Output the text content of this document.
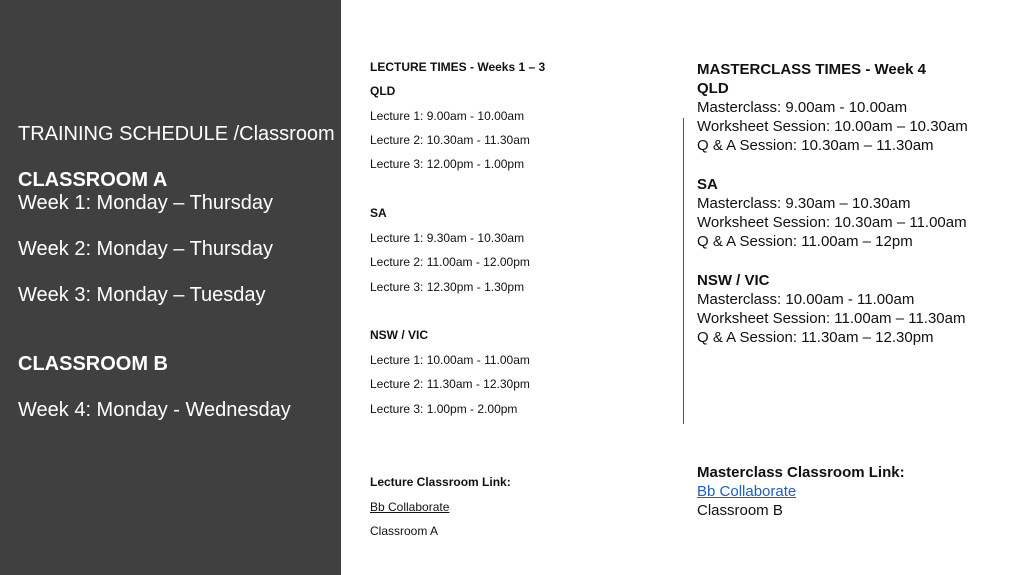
TRAINING SCHEDULE /Classroom
CLASSROOM A
Week 1: Monday – Thursday
Week 2: Monday – Thursday
Week 3: Monday – Tuesday
CLASSROOM B
Week 4: Monday - Wednesday
LECTURE TIMES - Weeks 1 – 3
QLD
Lecture 1: 9.00am - 10.00am
Lecture 2: 10.30am - 11.30am
Lecture 3: 12.00pm - 1.00pm
SA
Lecture 1: 9.30am - 10.30am
Lecture 2: 11.00am - 12.00pm
Lecture 3: 12.30pm - 1.30pm
NSW / VIC
Lecture 1: 10.00am - 11.00am
Lecture 2: 11.30am - 12.30pm
Lecture 3: 1.00pm - 2.00pm
Lecture Classroom Link:
Bb Collaborate
Classroom A
MASTERCLASS TIMES - Week 4
QLD
Masterclass: 9.00am - 10.00am
Worksheet Session: 10.00am – 10.30am
Q & A Session: 10.30am – 11.30am
SA
Masterclass: 9.30am – 10.30am
Worksheet Session: 10.30am – 11.00am
Q & A Session: 11.00am – 12pm
NSW / VIC
Masterclass: 10.00am - 11.00am
Worksheet Session: 11.00am – 11.30am
Q & A Session: 11.30am – 12.30pm
Masterclass Classroom Link:
Bb Collaborate
Classroom B
